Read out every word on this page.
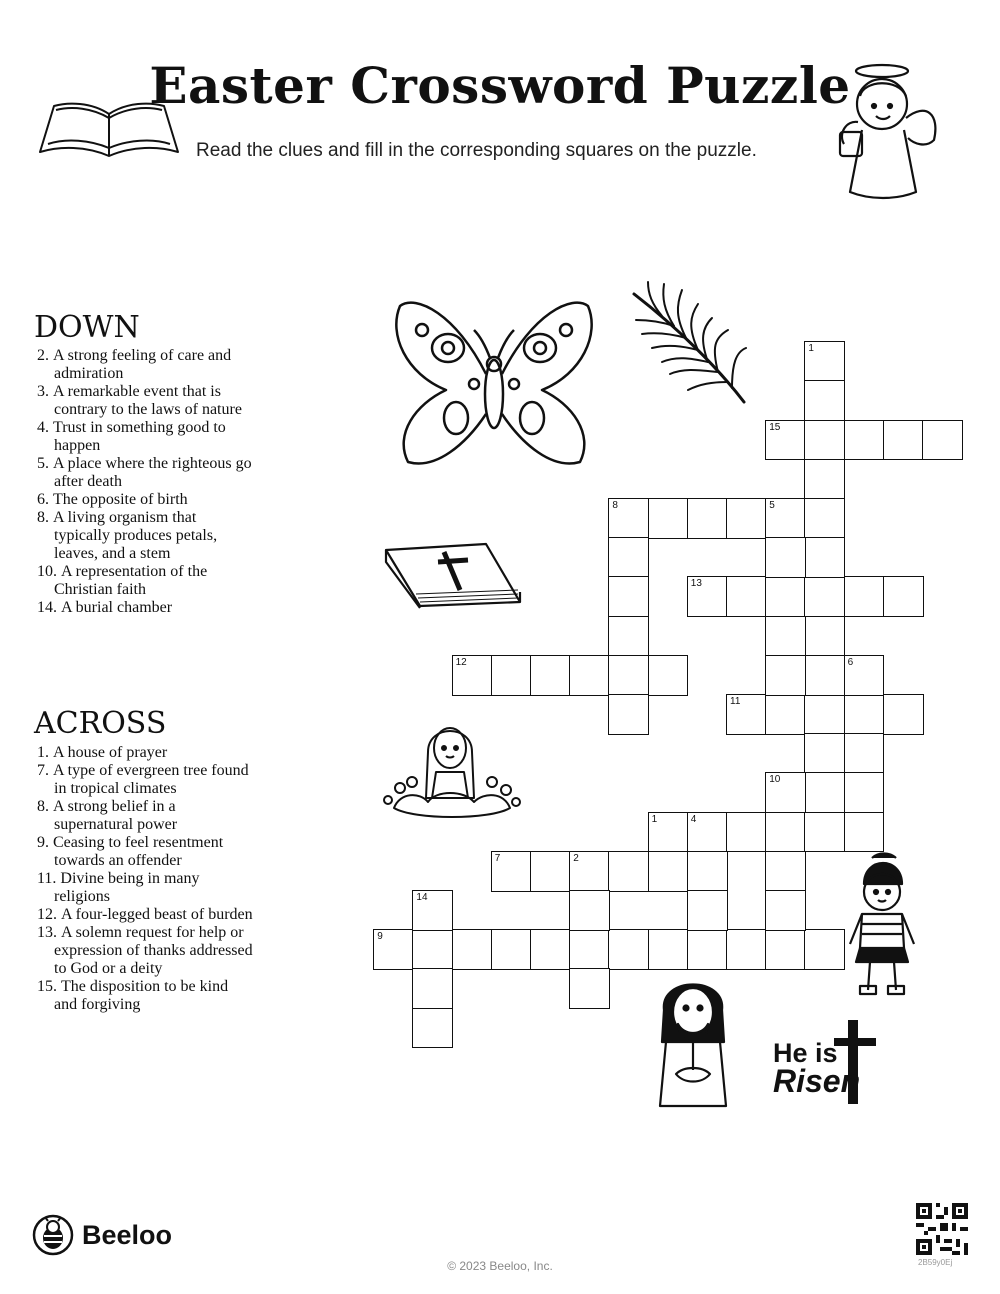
Easter Crossword Puzzle
Read the clues and fill in the corresponding squares on the puzzle.
He is
Risen
DOWN
2. A strong feeling of care and admiration
3. A remarkable event that is contrary to the laws of nature
4. Trust in something good to happen
5. A place where the righteous go after death
6. The opposite of birth
8. A living organism that typically produces petals, leaves, and a stem
10. A representation of the Christian faith
14. A burial chamber
ACROSS
1. A house of prayer
7. A type of evergreen tree found in tropical climates
8. A strong belief in a supernatural power
9. Ceasing to feel resentment towards an offender
11. Divine being in many religions
12. A four-legged beast of burden
13. A solemn request for help or expression of thanks addressed to God or a deity
15. The disposition to be kind and forgiving
15
8	5
13
12
11
1	4
7	2
9
1
6
10
14
Beeloo
© 2023 Beeloo, Inc.	2B59y0Ej
